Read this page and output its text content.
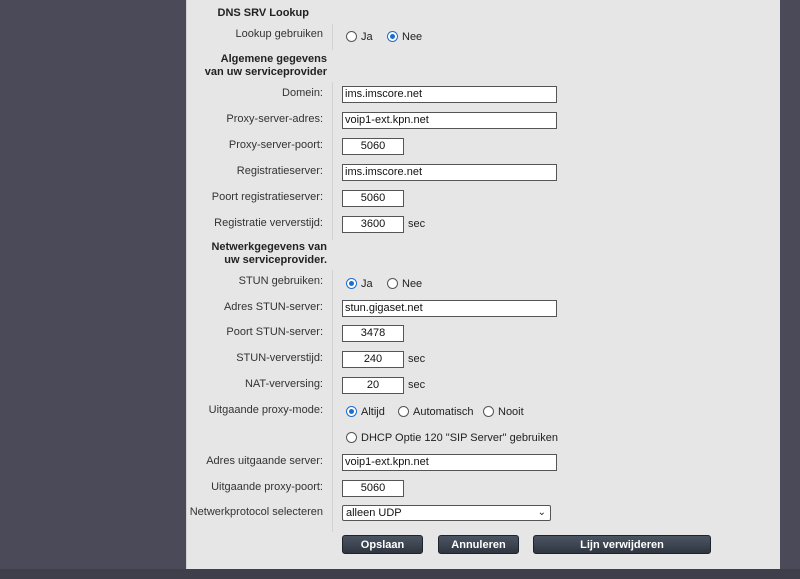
DNS SRV Lookup
Lookup gebruiken	Ja	Nee
Algemene gegevens van uw serviceprovider
Domein: ims.imscore.net
Proxy-server-adres: voip1-ext.kpn.net
Proxy-server-poort:	5060
Registratieserver: ims.imscore.net
Poort registratieserver:	5060
Registratie ververstijd:	3600	sec
Netwerkgegevens van uw serviceprovider.
STUN gebruiken:	Ja	Nee
Adres STUN-server: stun.gigaset.net
Poort STUN-server:	3478
STUN-ververstijd:	240	sec
NAT-verversing:	20	sec
Uitgaande proxy-mode:	Altijd	Automatisch Nooit
DHCP Optie 120 "SIP Server" gebruiken
Adres uitgaande server: voip1-ext.kpn.net
Uitgaande proxy-poort:	5060
Netwerkprotocol selecteren	alleen UDP	⌄
Opslaan	Annuleren	Lijn verwijderen
